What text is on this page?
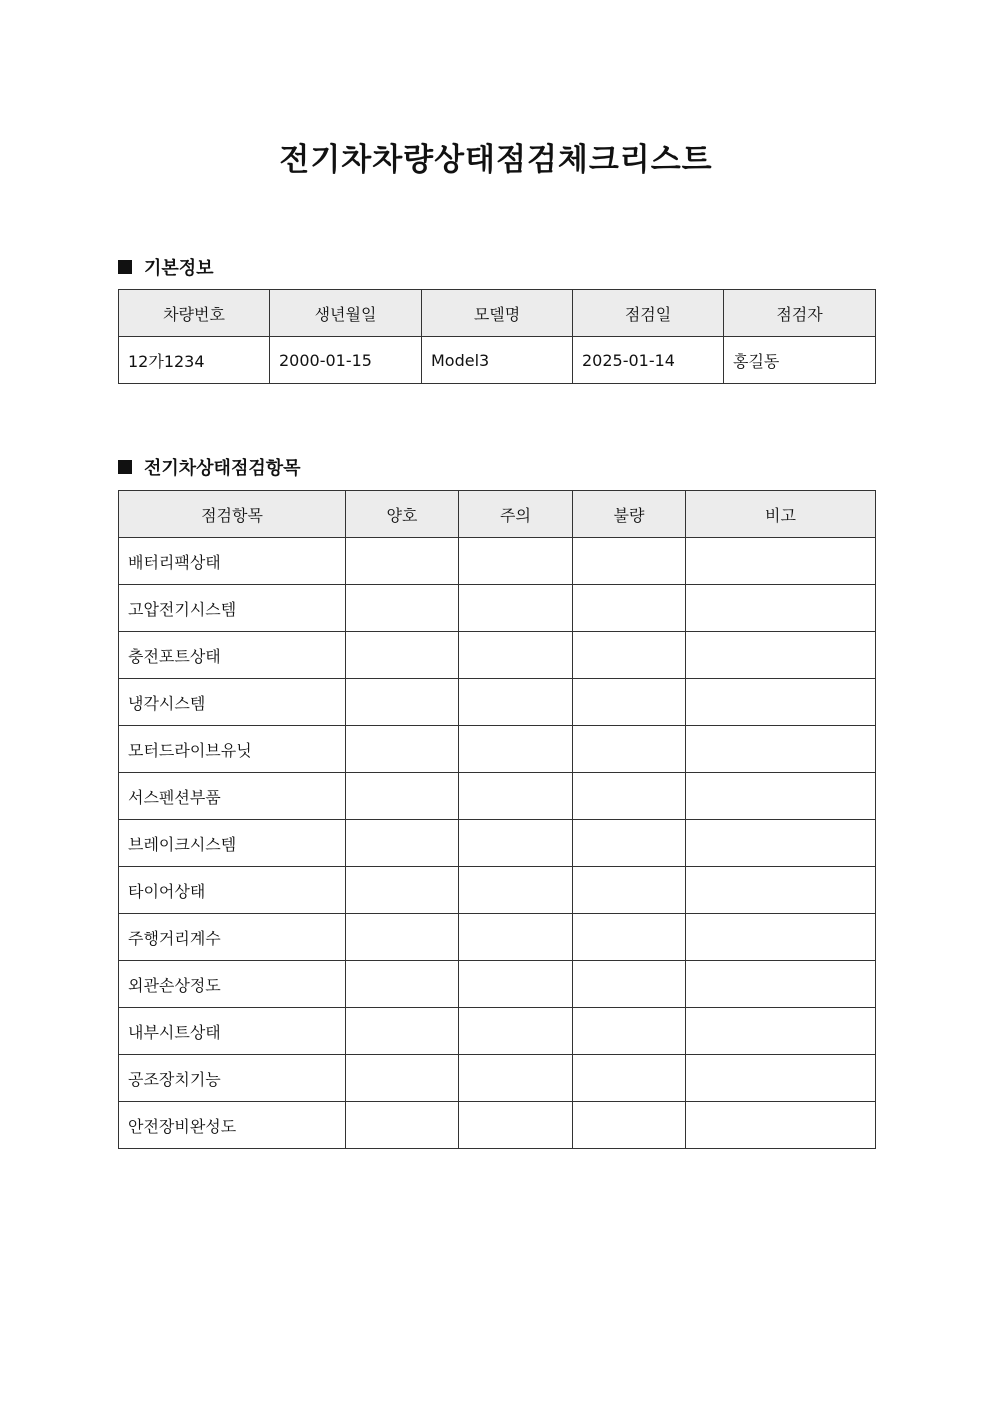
전기차차량상태점검체크리스트
기본정보
차량번호	생년월일	모델명	점검일	점검자
12가1234	2000-01-15	Model3	2025-01-14	홍길동
전기차상태점검항목
점검항목	양호	주의	불량	비고
배터리팩상태				
고압전기시스템				
충전포트상태				
냉각시스템				
모터드라이브유닛				
서스펜션부품				
브레이크시스템				
타이어상태				
주행거리계수				
외관손상정도				
내부시트상태				
공조장치기능				
안전장비완성도				
